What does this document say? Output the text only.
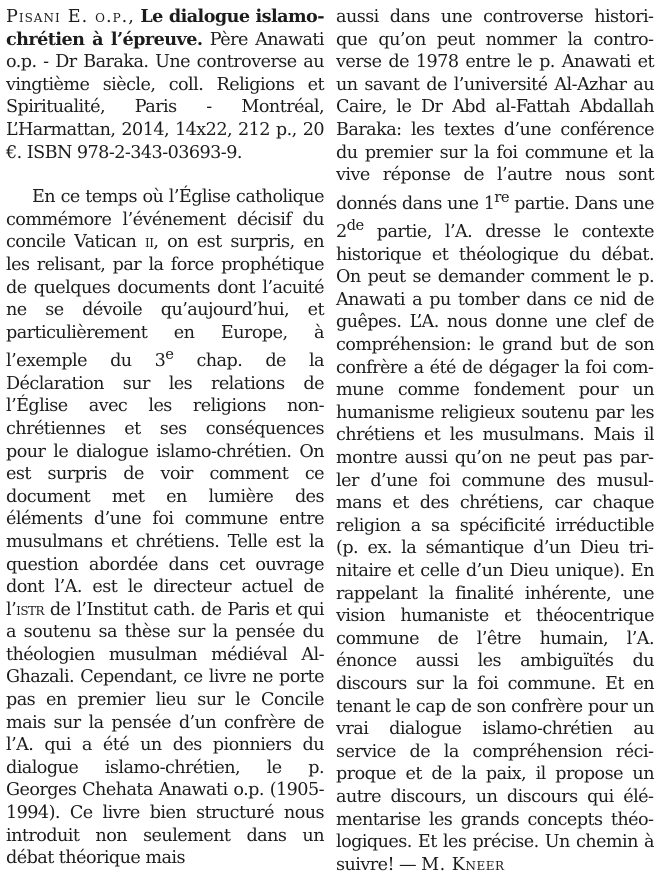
Pisani E. o.p., Le dialogue islamo-chrétien à l’épreuve. Père Anawati o.p. - Dr Baraka. Une controverse au vingtième siècle, coll. Religions et Spiritualité, Paris - Montréal, L’Harmattan, 2014, 14x22, 212 p., 20 €. ISBN 978-2-343-03693-9.

En ce temps où l’Église catholique commémore l’événement décisif du concile Vatican ii, on est surpris, en les relisant, par la force prophétique de quelques documents dont l’acuité ne se dévoile qu’aujourd’hui, et particulièrement en Europe, à l’exemple du 3e chap. de la Déclaration sur les relations de l’Église avec les religions non-chrétiennes et ses conséquences pour le dialogue islamo-chrétien. On est surpris de voir comment ce document met en lumière des éléments d’une foi commune entre musulmans et chrétiens. Telle est la question abordée dans cet ouvrage dont l’A. est le directeur actuel de l’istr de l’Institut cath. de Paris et qui a soutenu sa thèse sur la pensée du théologien musulman médiéval Al-Ghazali. Cependant, ce livre ne porte pas en premier lieu sur le Concile mais sur la pensée d’un confrère de l’A. qui a été un des pionniers du dialogue islamo-chrétien, le p. Georges Chehata Anawati o.p. (1905-1994). Ce livre bien structuré nous introduit non seulement dans un débat théorique mais

aussi dans une controverse historique qu’on peut nommer la controverse de 1978 entre le p. Anawati et un savant de l’université Al-Azhar au Caire, le Dr Abd al-Fattah Abdallah Baraka: les textes d’une conférence du premier sur la foi commune et la vive réponse de l’autre nous sont donnés dans une 1re partie. Dans une 2de partie, l’A. dresse le contexte historique et théologique du débat. On peut se demander comment le p. Anawati a pu tomber dans ce nid de guêpes. L’A. nous donne une clef de compréhension: le grand but de son confrère a été de dégager la foi commune comme fondement pour un humanisme religieux soutenu par les chrétiens et les musulmans. Mais il montre aussi qu’on ne peut pas parler d’une foi commune des musulmans et des chrétiens, car chaque religion a sa spécificité irréductible (p. ex. la sémantique d’un Dieu trinitaire et celle d’un Dieu unique). En rappelant la finalité inhérente, une vision humaniste et théocentrique commune de l’être humain, l’A. énonce aussi les ambiguïtés du discours sur la foi commune. Et en tenant le cap de son confrère pour un vrai dialogue islamo-chrétien au service de la compréhension réciproque et de la paix, il propose un autre discours, un discours qui élémentarise les grands concepts théologiques. Et les précise. Un chemin à suivre! — M. Kneer
